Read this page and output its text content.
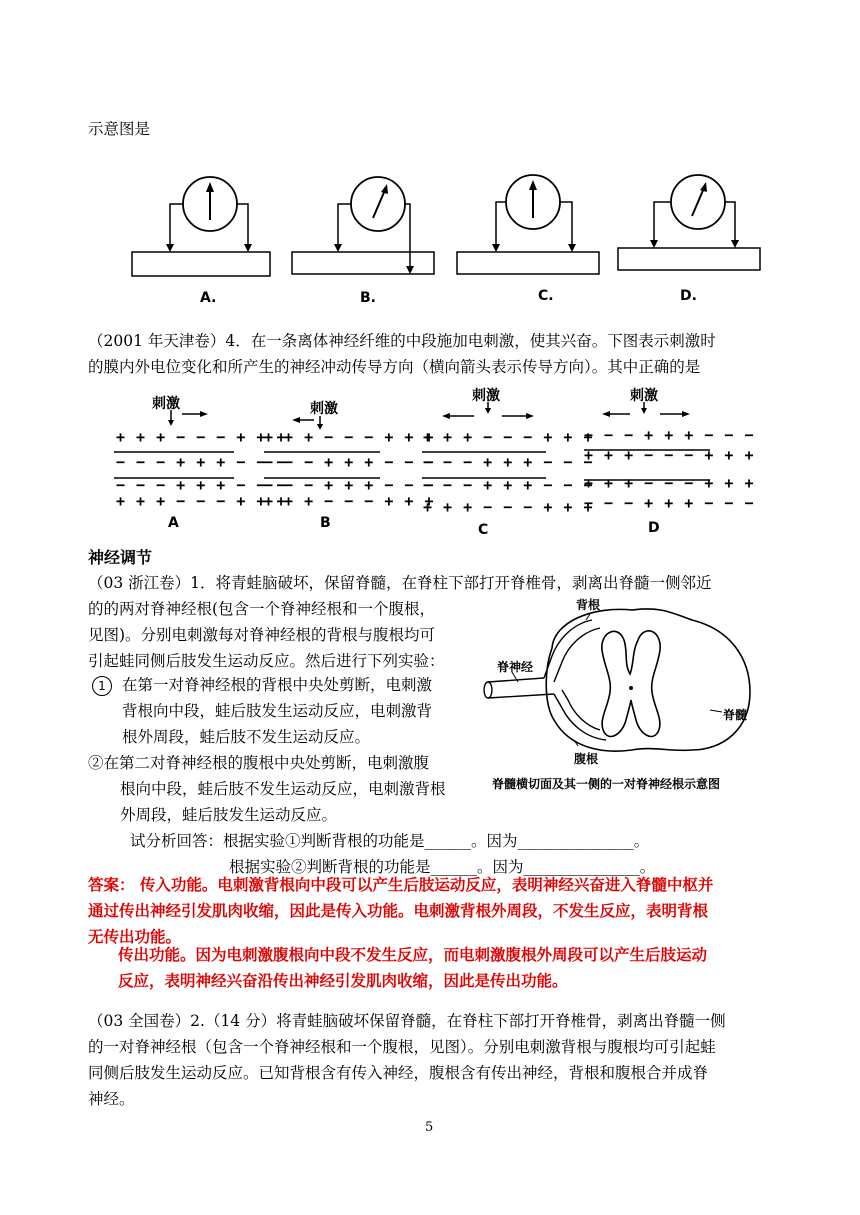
示意图是
A.	B.	C.	D.
（2001 年天津卷）4．在一条离体神经纤维的中段施加电刺激，使其兴奋。下图表示刺激时
的膜内外电位变化和所产生的神经冲动传导方向（横向箭头表示传导方向）。其中正确的是
刺激
+ + + − − − + + +
− − − + + + − − −
− − − + + + − − −
+ + + − − − + + +
A
刺激
+ + + − − − + + +
− − − + + + − − −
− − − + + + − − −
+ + + − − − + + +
B
刺激
+ + + − − − + + +
− − − + + + − − −
− − − + + + − − −
+ + + − − − + + +
C
刺激
− − − + + + − − −
+ + + − − − + + +
+ + + − − − + + +
− − − + + + − − −
D
神经调节
（03 浙江卷）1．将青蛙脑破坏，保留脊髓，在脊柱下部打开脊椎骨，剥离出脊髓一侧邻近
的的两对脊神经根(包含一个脊神经根和一个腹根，
见图)。分别电刺激每对脊神经根的背根与腹根均可
引起蛙同侧后肢发生运动反应。然后进行下列实验：
1	在第一对脊神经根的背根中央处剪断，电刺激
背根向中段，蛙后肢发生运动反应，电刺激背
根外周段，蛙后肢不发生运动反应。
②在第二对脊神经根的腹根中央处剪断，电刺激腹
根向中段，蛙后肢不发生运动反应，电刺激背根
外周段，蛙后肢发生运动反应。
试分析回答：根据实验①判断背根的功能是______。因为_______________。
根据实验②判断背根的功能是______。因为_______________。
背根
脊神经
脊髓
腹根
脊髓横切面及其一侧的一对脊神经根示意图
答案： 传入功能。电刺激背根向中段可以产生后肢运动反应，表明神经兴奋进入脊髓中枢并
通过传出神经引发肌肉收缩，因此是传入功能。电刺激背根外周段，不发生反应，表明背根
无传出功能。
传出功能。因为电刺激腹根向中段不发生反应，而电刺激腹根外周段可以产生后肢运动
反应，表明神经兴奋沿传出神经引发肌肉收缩，因此是传出功能。
（03 全国卷）2.（14 分）将青蛙脑破坏保留脊髓，在脊柱下部打开脊椎骨，剥离出脊髓一侧
的一对脊神经根（包含一个脊神经根和一个腹根，见图）。分别电刺激背根与腹根均可引起蛙
同侧后肢发生运动反应。已知背根含有传入神经，腹根含有传出神经，背根和腹根合并成脊
神经。
5
